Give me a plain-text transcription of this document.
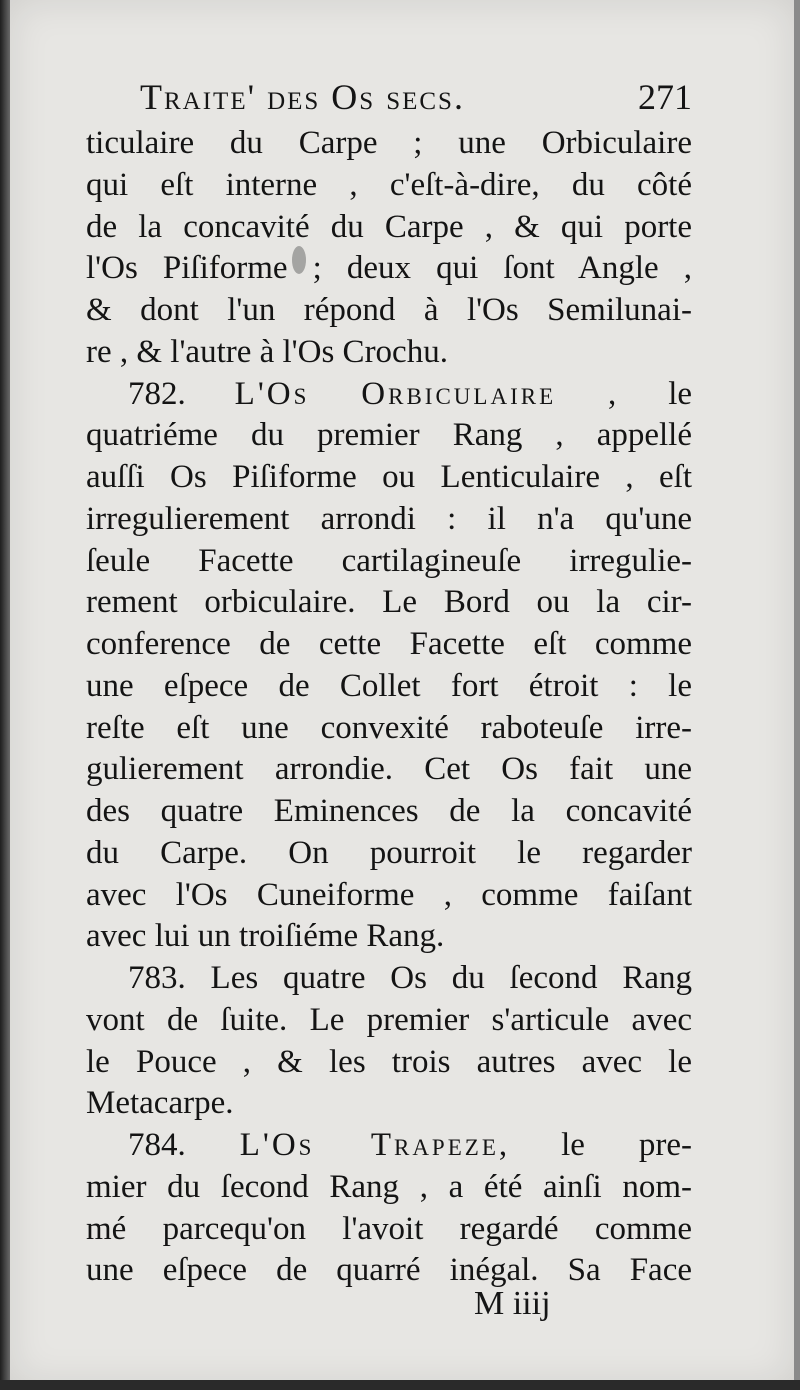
Traite' des Os secs.	271
ticulaire du Carpe ; une Orbiculaire
qui eſt interne , c'eſt-à-dire, du côté
de la concavité du Carpe , & qui porte
l'Os Piſiforme ; deux qui ſont Angle ,
& dont l'un répond à l'Os Semilunai-
re , & l'autre à l'Os Crochu.
782. L'Os Orbiculaire , le
quatriéme du premier Rang , appellé
auſſi Os Piſiforme ou Lenticulaire , eſt
irregulierement arrondi : il n'a qu'une
ſeule Facette cartilagineuſe irregulie-
rement orbiculaire. Le Bord ou la cir-
conference de cette Facette eſt comme
une eſpece de Collet fort étroit : le
reſte eſt une convexité raboteuſe irre-
gulierement arrondie. Cet Os fait une
des quatre Eminences de la concavité
du Carpe. On pourroit le regarder
avec l'Os Cuneiforme , comme faiſant
avec lui un troiſiéme Rang.
783. Les quatre Os du ſecond Rang
vont de ſuite. Le premier s'articule avec
le Pouce , & les trois autres avec le
Metacarpe.
784. L'Os Trapeze, le pre-
mier du ſecond Rang , a été ainſi nom-
mé parcequ'on l'avoit regardé comme
une eſpece de quarré inégal. Sa Face
M iiij
